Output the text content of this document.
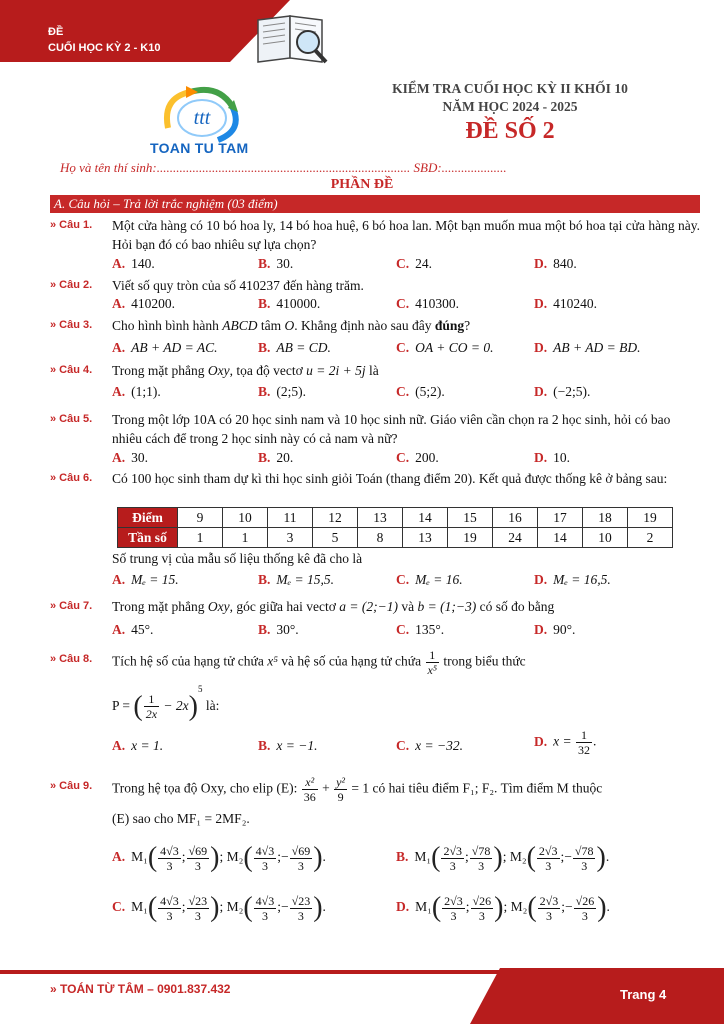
ĐỀ
CUỐI HỌC KỲ 2 - K10
ttt
TOAN TU TAM
KIỂM TRA CUỐI HỌC KỲ II KHỐI 10
NĂM HỌC 2024 - 2025
ĐỀ SỐ 2
Họ và tên thí sinh:.............................................................................. SBD:....................
PHẦN ĐỀ
A. Câu hỏi – Trả lời trắc nghiệm (03 điểm)
» Câu 1. Một cửa hàng có 10 bó hoa ly, 14 bó hoa huệ, 6 bó hoa lan. Một bạn muốn mua một bó hoa tại cửa hàng này. Hỏi bạn đó có bao nhiêu sự lựa chọn?
A. 140.	B. 30.	C. 24.	D. 840.
» Câu 2. Viết số quy tròn của số 410237 đến hàng trăm.
A. 410200.	B. 410000.	C. 410300.	D. 410240.
» Câu 3. Cho hình bình hành ABCD tâm O. Khẳng định nào sau đây đúng?
A. AB + AD = AC.	B. AB = CD.	C. OA + CO = 0.	D. AB + AD = BD.
» Câu 4. Trong mặt phẳng Oxy, tọa độ vectơ u = 2i + 5j là
A. (1;1).	B. (2;5).	C. (5;2).	D. (−2;5).
» Câu 5. Trong một lớp 10A có 20 học sinh nam và 10 học sinh nữ. Giáo viên cần chọn ra 2 học sinh, hỏi có bao nhiêu cách để trong 2 học sinh này có cả nam và nữ?
A. 30.	B. 20.	C. 200.	D. 10.
» Câu 6. Có 100 học sinh tham dự kì thi học sinh giỏi Toán (thang điểm 20). Kết quả được thống kê ở bảng sau:
Điểm	9	10	11	12	13	14	15	16	17	18	19
Tần số	1	1	3	5	8	13	19	24	14	10	2
Số trung vị của mẫu số liệu thống kê đã cho là
A. Mₑ = 15.	B. Mₑ = 15,5.	C. Mₑ = 16.	D. Mₑ = 16,5.
» Câu 7. Trong mặt phẳng Oxy, góc giữa hai vectơ a = (2;−1) và b = (1;−3) có số đo bằng
A. 45°.	B. 30°.	C. 135°.	D. 90°.
» Câu 8. Tích hệ số của hạng tử chứa x⁵ và hệ số của hạng tử chứa $\frac{1}{\text{x⁵}}$ trong biểu thức
P = ( $\frac{1}{2x} - 2x)^5$ là:
A. x = 1.	B. x = −1.	C. x = −32.	D. $x = \frac{1}{32}$ .
» Câu 9. Trong hệ tọa độ Oxy, cho elip (E): $\frac{\text{x²}}{36} + \frac{\text{y²}}{9} = 1$ có hai tiêu điểm F₁; F₂. Tìm điểm M thuộc
(E) sao cho MF₁ = 2MF₂.
A. $M_1( \frac{4√3}{3}$ ; $\frac{√69}{3}$ ); $M_2( \frac{4√3}{3}$ ;− $\frac{√69}{3}$ ).	B. $M_1( \frac{2√3}{3}$ ; $\frac{√78}{3}$ ); $M_2( \frac{2√3}{3}$ ;− $\frac{√78}{3}$ ).
C. $M_1( \frac{4√3}{3}$ ; $\frac{√23}{3}$ ); $M_2( \frac{4√3}{3}$ ;− $\frac{√23}{3}$ ).	D. $M_1( \frac{2√3}{3}$ ; $\frac{√26}{3}$ ); $M_2( \frac{2√3}{3}$ ;− $\frac{√26}{3}$ ).
» TOÁN TỪ TÂM – 0901.837.432	Trang 4
